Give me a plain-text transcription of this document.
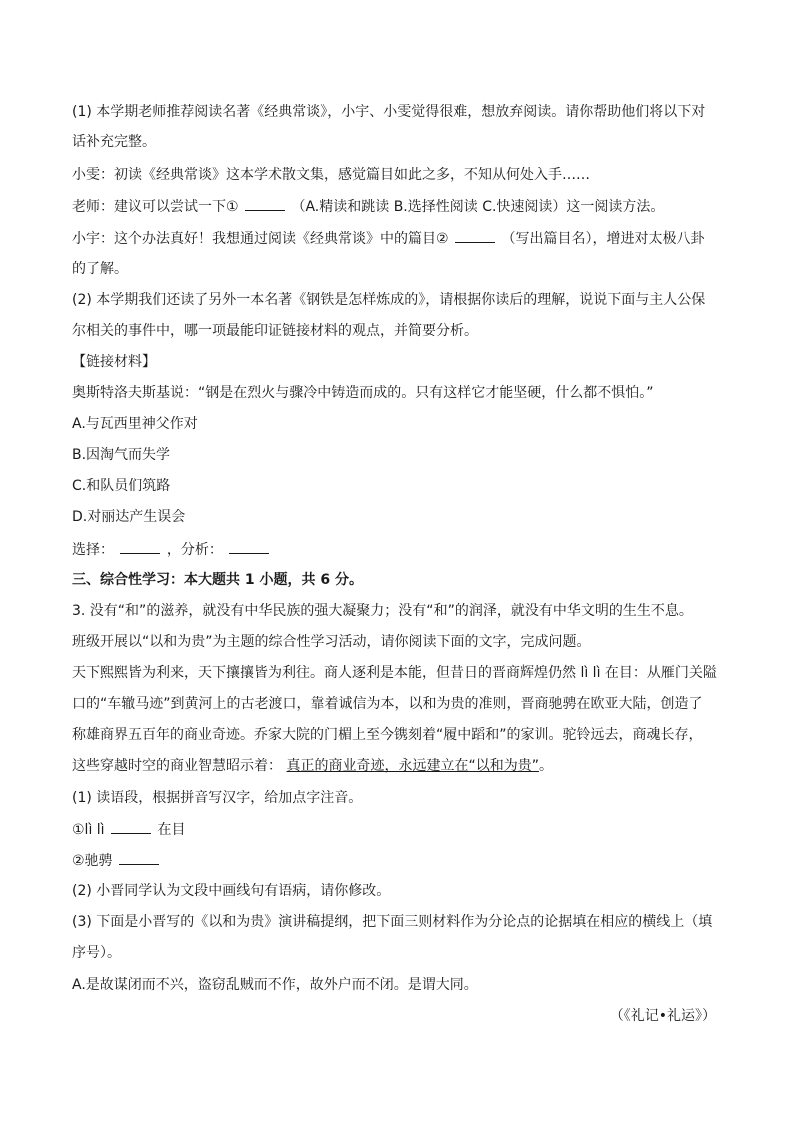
(1) 本学期老师推荐阅读名著《经典常谈》，小宇、小雯觉得很难，想放弃阅读。请你帮助他们将以下对
话补充完整。
小雯：初读《经典常谈》这本学术散文集，感觉篇目如此之多，不知从何处入手……
老师：建议可以尝试一下①	（A.精读和跳读 B.选择性阅读 C.快速阅读）这一阅读方法。
小宇：这个办法真好！我想通过阅读《经典常谈》中的篇目②	（写出篇目名），增进对太极八卦
的了解。
(2) 本学期我们还读了另外一本名著《钢铁是怎样炼成的》，请根据你读后的理解，说说下面与主人公保
尔相关的事件中，哪一项最能印证链接材料的观点，并简要分析。
【链接材料】
奥斯特洛夫斯基说：“钢是在烈火与骤冷中铸造而成的。只有这样它才能坚硬，什么都不惧怕。”
A.与瓦西里神父作对
B.因淘气而失学
C.和队员们筑路
D.对丽达产生误会
选择：	，分析：
三、综合性学习：本大题共 1 小题，共 6 分。
3. 没有“和”的滋养，就没有中华民族的强大凝聚力；没有“和”的润泽，就没有中华文明的生生不息。
班级开展以“以和为贵”为主题的综合性学习活动，请你阅读下面的文字，完成问题。
天下熙熙皆为利来，天下攘攘皆为利往。商人逐利是本能，但昔日的晋商辉煌仍然 lì lì 在目：从雁门关隘
口的“车辙马迹”到黄河上的古老渡口，靠着诚信为本，以和为贵的准则，晋商驰骋在欧亚大陆，创造了
称雄商界五百年的商业奇迹。乔家大院的门楣上至今镌刻着“履中蹈和”的家训。驼铃远去，商魂长存，
这些穿越时空的商业智慧昭示着： 真正的商业奇迹，永远建立在“以和为贵”。
(1) 读语段，根据拼音写汉字，给加点字注音。
①lì lì	在目
②驰骋
(2) 小晋同学认为文段中画线句有语病，请你修改。
(3) 下面是小晋写的《以和为贵》演讲稿提纲，把下面三则材料作为分论点的论据填在相应的横线上（填
序号）。
A.是故谋闭而不兴，盗窃乱贼而不作，故外户而不闭。是谓大同。
（《礼记•礼运》）
